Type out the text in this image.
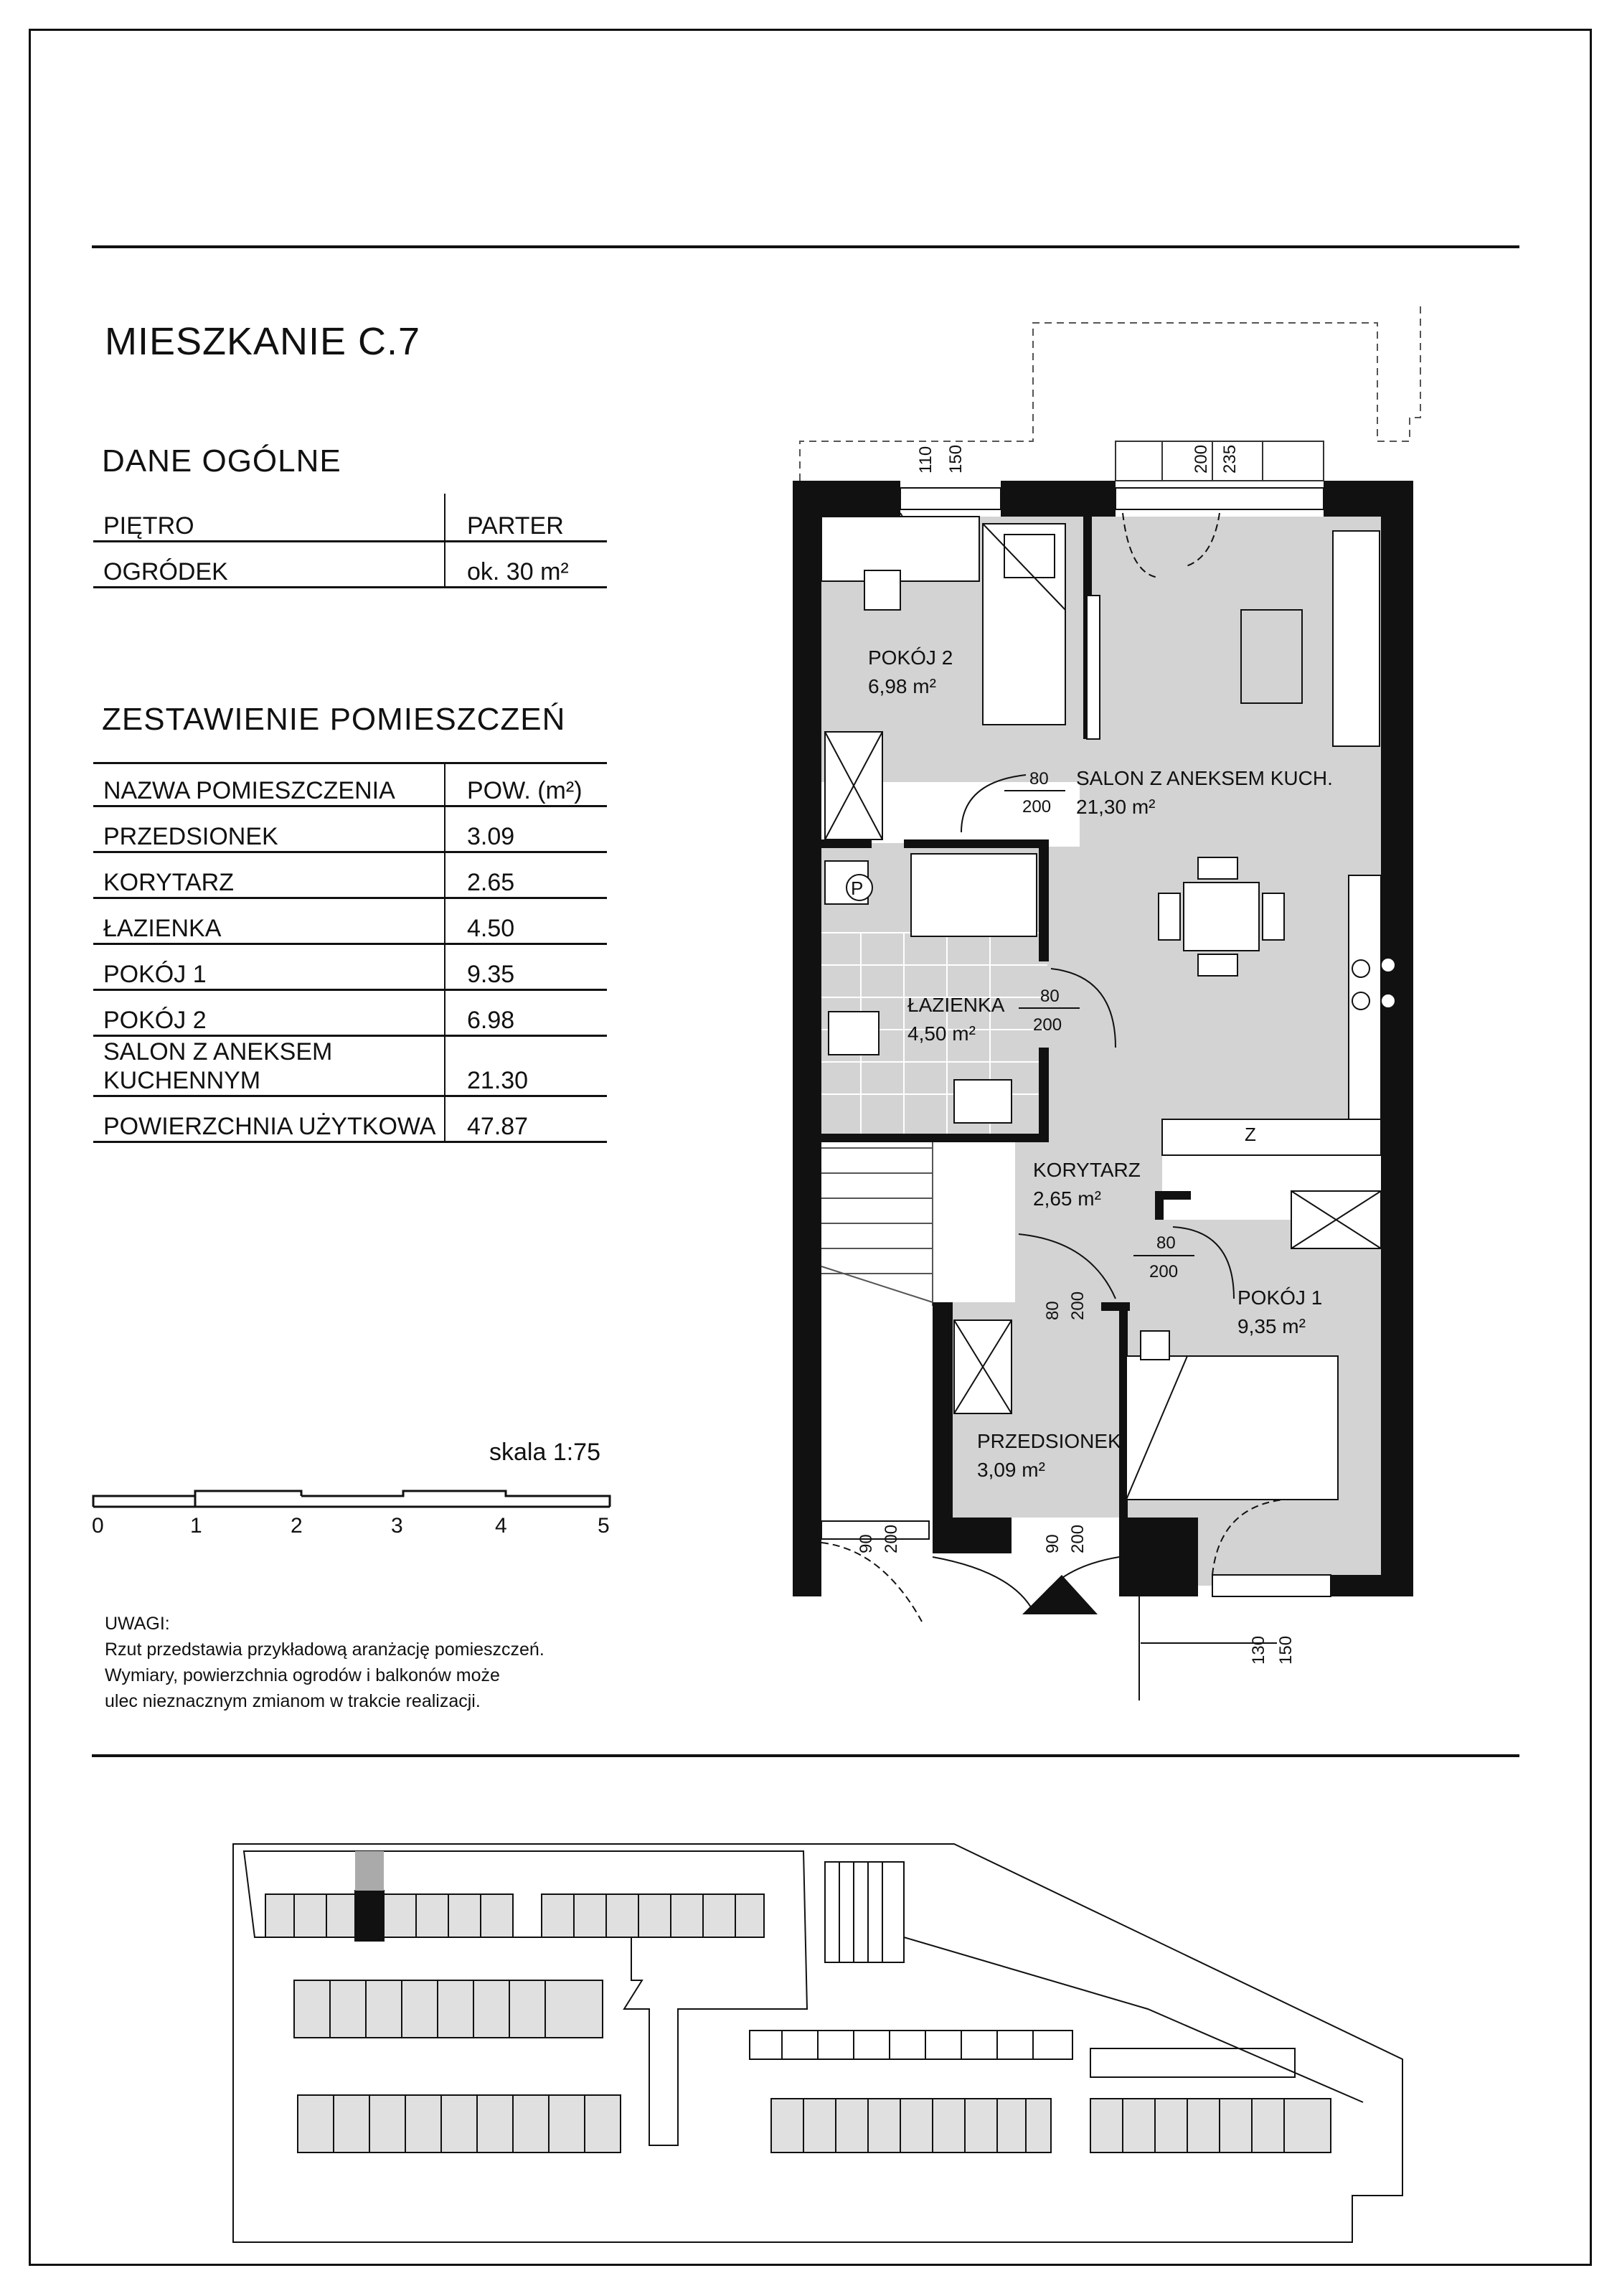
MIESZKANIE C.7
DANE OGÓLNE
PIĘTRO	PARTER
OGRÓDEK	ok. 30 m²
ZESTAWIENIE POMIESZCZEŃ
NAZWA POMIESZCZENIA	POW. (m²)
PRZEDSIONEK	3.09
KORYTARZ	2.65
ŁAZIENKA	4.50
POKÓJ 1	9.35
POKÓJ 2	6.98
SALON Z ANEKSEM KUCHENNYM	21.30
POWIERZCHNIA UŻYTKOWA	47.87
skala 1:75
0	1	2	3	4	5
UWAGI:
Rzut przedstawia przykładową aranżację pomieszczeń.
Wymiary, powierzchnia ogrodów i balkonów może
ulec nieznacznym zmianom w trakcie realizacji.
POKÓJ 2
6,98 m²
SALON Z ANEKSEM KUCH.
21,30 m²
ŁAZIENKA
4,50 m²
KORYTARZ
2,65 m²
POKÓJ 1
9,35 m²
PRZEDSIONEK
3,09 m²
80
200
80
200
80
200
110 150	200 235
80 200
90 200	90 200
130 150
P
Z
